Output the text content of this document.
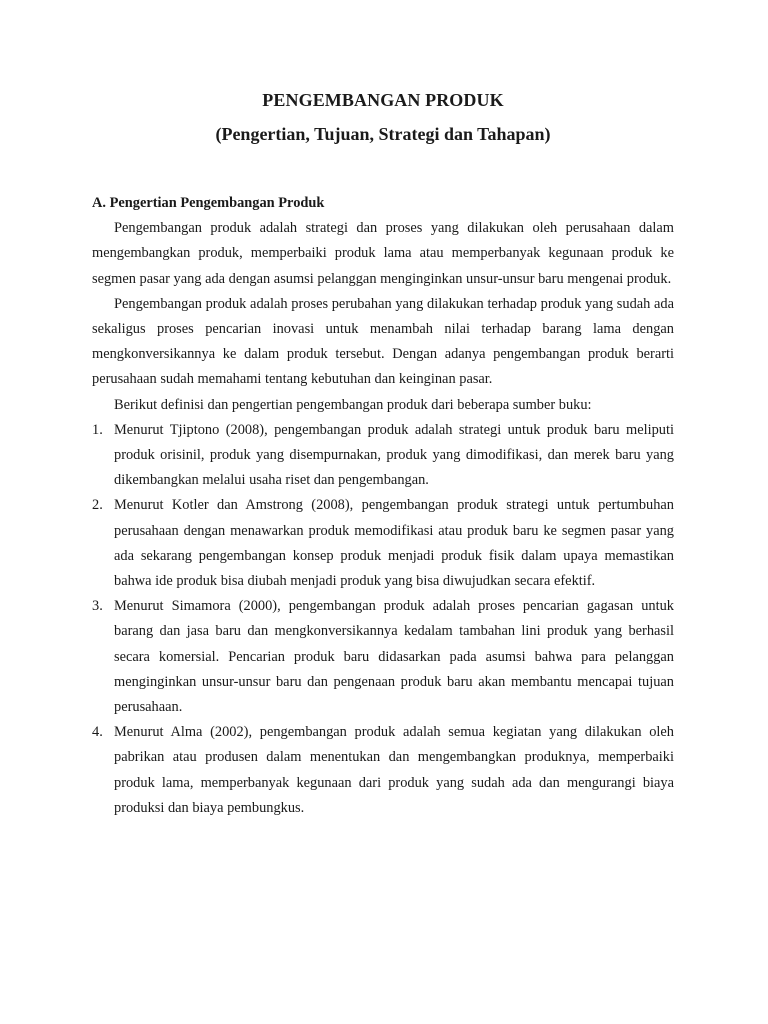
PENGEMBANGAN PRODUK
(Pengertian, Tujuan, Strategi dan Tahapan)
A. Pengertian Pengembangan Produk

Pengembangan produk adalah strategi dan proses yang dilakukan oleh perusahaan dalam mengembangkan produk, memperbaiki produk lama atau memperbanyak kegunaan produk ke segmen pasar yang ada dengan asumsi pelanggan menginginkan unsur-unsur baru mengenai produk.

Pengembangan produk adalah proses perubahan yang dilakukan terhadap produk yang sudah ada sekaligus proses pencarian inovasi untuk menambah nilai terhadap barang lama dengan mengkonversikannya ke dalam produk tersebut. Dengan adanya pengembangan produk berarti perusahaan sudah memahami tentang kebutuhan dan keinginan pasar.

Berikut definisi dan pengertian pengembangan produk dari beberapa sumber buku:

1. Menurut Tjiptono (2008), pengembangan produk adalah strategi untuk produk baru meliputi produk orisinil, produk yang disempurnakan, produk yang dimodifikasi, dan merek baru yang dikembangkan melalui usaha riset dan pengembangan.
2. Menurut Kotler dan Amstrong (2008), pengembangan produk strategi untuk pertumbuhan perusahaan dengan menawarkan produk memodifikasi atau produk baru ke segmen pasar yang ada sekarang pengembangan konsep produk menjadi produk fisik dalam upaya memastikan bahwa ide produk bisa diubah menjadi produk yang bisa diwujudkan secara efektif.
3. Menurut Simamora (2000), pengembangan produk adalah proses pencarian gagasan untuk barang dan jasa baru dan mengkonversikannya kedalam tambahan lini produk yang berhasil secara komersial. Pencarian produk baru didasarkan pada asumsi bahwa para pelanggan menginginkan unsur-unsur baru dan pengenaan produk baru akan membantu mencapai tujuan perusahaan.
4. Menurut Alma (2002), pengembangan produk adalah semua kegiatan yang dilakukan oleh pabrikan atau produsen dalam menentukan dan mengembangkan produknya, memperbaiki produk lama, memperbanyak kegunaan dari produk yang sudah ada dan mengurangi biaya produksi dan biaya pembungkus.
